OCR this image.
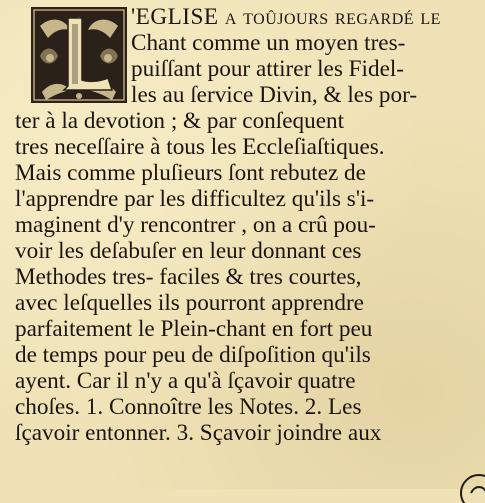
'EGLISE a toûjours regardé le
Chant comme un moyen tres-
puiſſant pour attirer les Fidel-
les au ſervice Divin, & les por-
ter à la devotion ; & par conſequent
tres neceſſaire à tous les Eccleſiaſtiques.
Mais comme pluſieurs ſont rebutez de
l'apprendre par les difficultez qu'ils s'i-
maginent d'y rencontrer , on a crû pou-
voir les deſabuſer en leur donnant ces
Methodes tres- faciles & tres courtes,
avec leſquelles ils pourront apprendre
parfaitement le Plein-chant en fort peu
de temps pour peu de diſpoſition qu'ils
ayent. Car il n'y a qu'à ſçavoir quatre
choſes. 1. Connoître les Notes. 2. Les
ſçavoir entonner. 3. Sçavoir joindre aux
